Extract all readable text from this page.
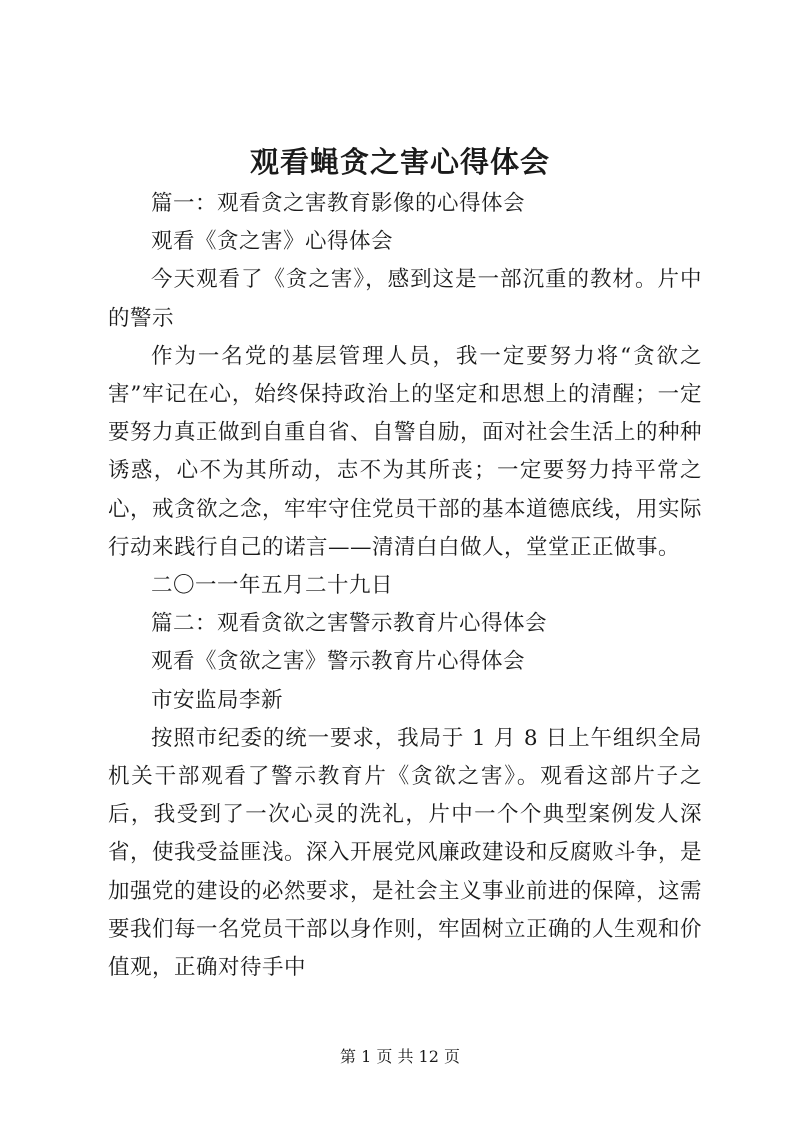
观看蝇贪之害心得体会

篇一：观看贪之害教育影像的心得体会

观看《贪之害》心得体会

今天观看了《贪之害》，感到这是一部沉重的教材。片中的警示

作为一名党的基层管理人员，我一定要努力将“贪欲之害”牢记在心，始终保持政治上的坚定和思想上的清醒；一定要努力真正做到自重自省、自警自励，面对社会生活上的种种诱惑，心不为其所动，志不为其所丧；一定要努力持平常之心，戒贪欲之念，牢牢守住党员干部的基本道德底线，用实际行动来践行自己的诺言——清清白白做人，堂堂正正做事。

二〇一一年五月二十九日

篇二：观看贪欲之害警示教育片心得体会

观看《贪欲之害》警示教育片心得体会

市安监局李新

按照市纪委的统一要求，我局于 1 月 8 日上午组织全局机关干部观看了警示教育片《贪欲之害》。观看这部片子之后，我受到了一次心灵的洗礼，片中一个个典型案例发人深省，使我受益匪浅。深入开展党风廉政建设和反腐败斗争，是加强党的建设的必然要求，是社会主义事业前进的保障，这需要我们每一名党员干部以身作则，牢固树立正确的人生观和价值观，正确对待手中

第 1 页 共 12 页
